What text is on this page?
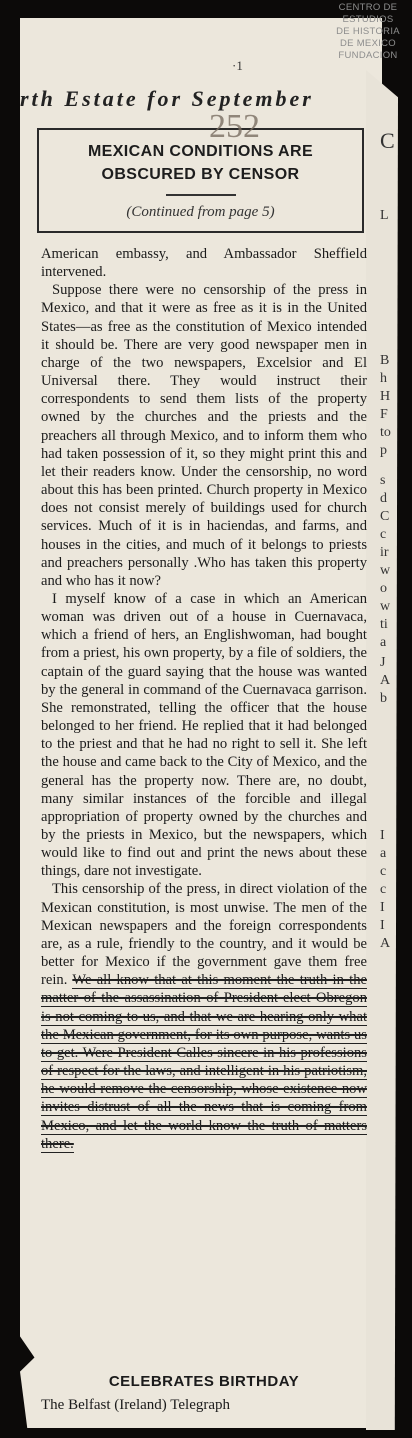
CENTRO DE
ESTUDIOS
DE HISTORIA
DE MEXICO
FUNDACION
·1
rth Estate for September
252
MEXICAN CONDITIONS ARE
OBSCURED BY CENSOR
(Continued from page 5)
C
L
B
h
H
F
to
p
s
d
C
c
ir
w
o
w
ti
a
J
A
b
I
a
c
c
I
I
A

American embassy, and Ambassador Sheffield intervened.

Suppose there were no censorship of the press in Mexico, and that it were as free as it is in the United States—as free as the constitution of Mexico intended it should be. There are very good newspaper men in charge of the two newspapers, Excelsior and El Universal there. They would instruct their correspondents to send them lists of the property owned by the churches and the priests and the preachers all through Mexico, and to inform them who had taken possession of it, so they might print this and let their readers know. Under the censorship, no word about this has been printed. Church property in Mexico does not consist merely of buildings used for church services. Much of it is in haciendas, and farms, and houses in the cities, and much of it belongs to priests and preachers personally .Who has taken this property and who has it now?

I myself know of a case in which an American woman was driven out of a house in Cuernavaca, which a friend of hers, an Englishwoman, had bought from a priest, his own property, by a file of soldiers, the captain of the guard saying that the house was wanted by the general in command of the Cuernavaca garrison. She remonstrated, telling the officer that the house belonged to her friend. He replied that it had belonged to the priest and that he had no right to sell it. She left the house and came back to the City of Mexico, and the general has the property now. There are, no doubt, many similar instances of the forcible and illegal appropriation of property owned by the churches and by the priests in Mexico, but the newspapers, which would like to find out and print the news about these things, dare not investigate.

This censorship of the press, in direct violation of the Mexican constitution, is most unwise. The men of the Mexican newspapers and the foreign correspondents are, as a rule, friendly to the country, and it would be better for Mexico if the government gave them free rein. We all know that at this moment the truth in the matter of the assassination of President-elect Obregon is not coming to us, and that we are hearing only what the Mexican government, for its own purpose, wants us to get. Were President Calles sincere in his professions of respect for the laws, and intelligent in his patriotism, he would remove the censorship, whose existence now invites distrust of all the news that is coming from Mexico, and let the world know the truth of matters there.

CELEBRATES BIRTHDAY
The Belfast (Ireland) Telegraph
